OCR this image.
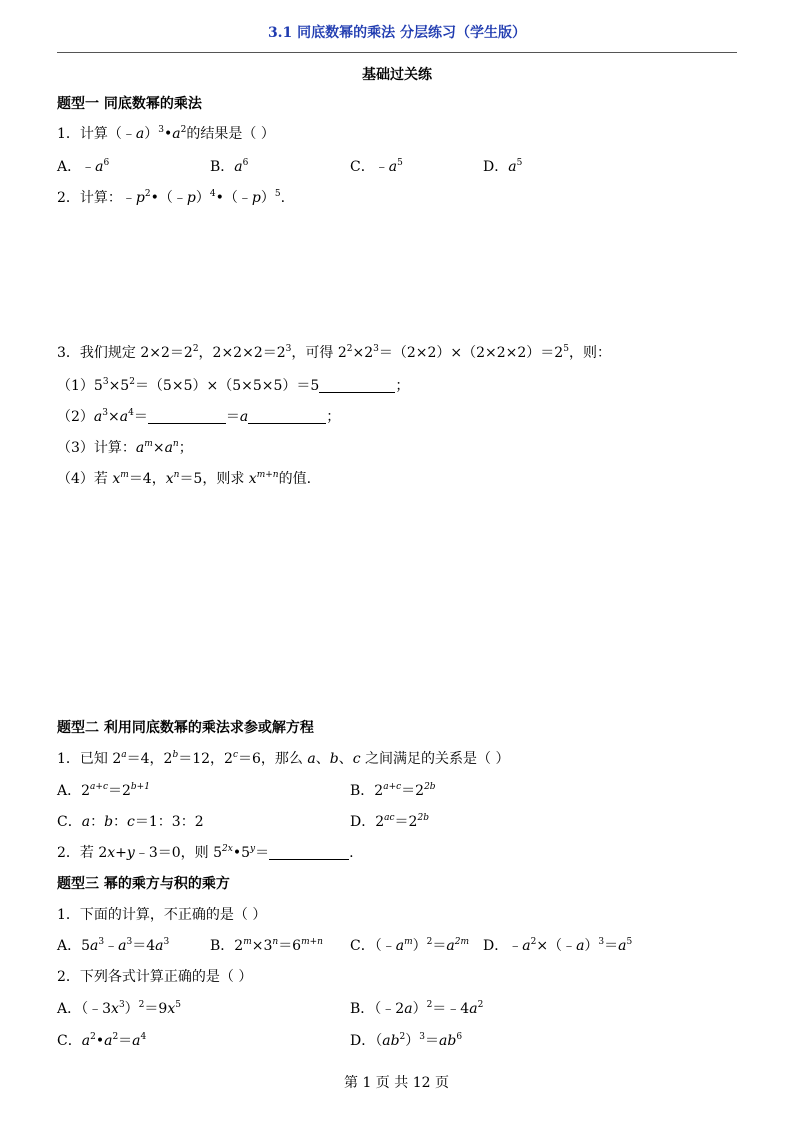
3.1 同底数幂的乘法 分层练习（学生版）
基础过关练
题型一 同底数幂的乘法
1．计算$(﹣a)^3•a^2$的结果是（ ）
A．$﹣a^6$	B．$a^6$	C．$﹣a^5$	D．$a^5$
2．计算：$﹣p^2•(﹣p)^4•(﹣p)^5$.
3．我们规定 $2\times 2=2^2$，$2\times 2\times 2=2^3$，可得 $2^2\times 2^3=(2\times 2)\times(2\times 2\times 2)=2^5$，则：
$(1)5^3\times 5^2=(5\times 5)\times(5\times 5\times 5)=5$	；
$(2)a^3\times a^4=$	＝a	；
（3）计算：$a^m\times a^n$；
（4）若 $x^m=4$，$x^n=5$，则求 $x^{m+n}$的值.
题型二 利用同底数幂的乘法求参或解方程
1．已知 $2^a=4$，$2^b=12$，$2^c=6$，那么 a、b、c 之间满足的关系是（ ）
A．$2^{a+c}=2^{b+1}$	B．$2^{a+c}=2^{2b}$
C．a：b：c＝1：3：2	D．$2^{ac}=2^{2b}$
2．若 2x+y﹣3＝0，则 $5^{2x}•5^y=$	.
题型三 幂的乘方与积的乘方
1．下面的计算，不正确的是（ ）
A．$5a^3﹣a^3=4a^3$	B．$2^m\times 3^n=6^{m+n}$ C．$(﹣a^m)^2=a^{2m}$ D．$﹣a^2\times(﹣a)^3=a^5$
2．下列各式计算正确的是（ ）
A．$(﹣3x^3)^2=9x^5$	B．$(﹣2a)^2=﹣4a^2$
C．$a^2•a^2=a^4$	D．$(ab^2)^3=ab^6$
第 1 页 共 12 页
